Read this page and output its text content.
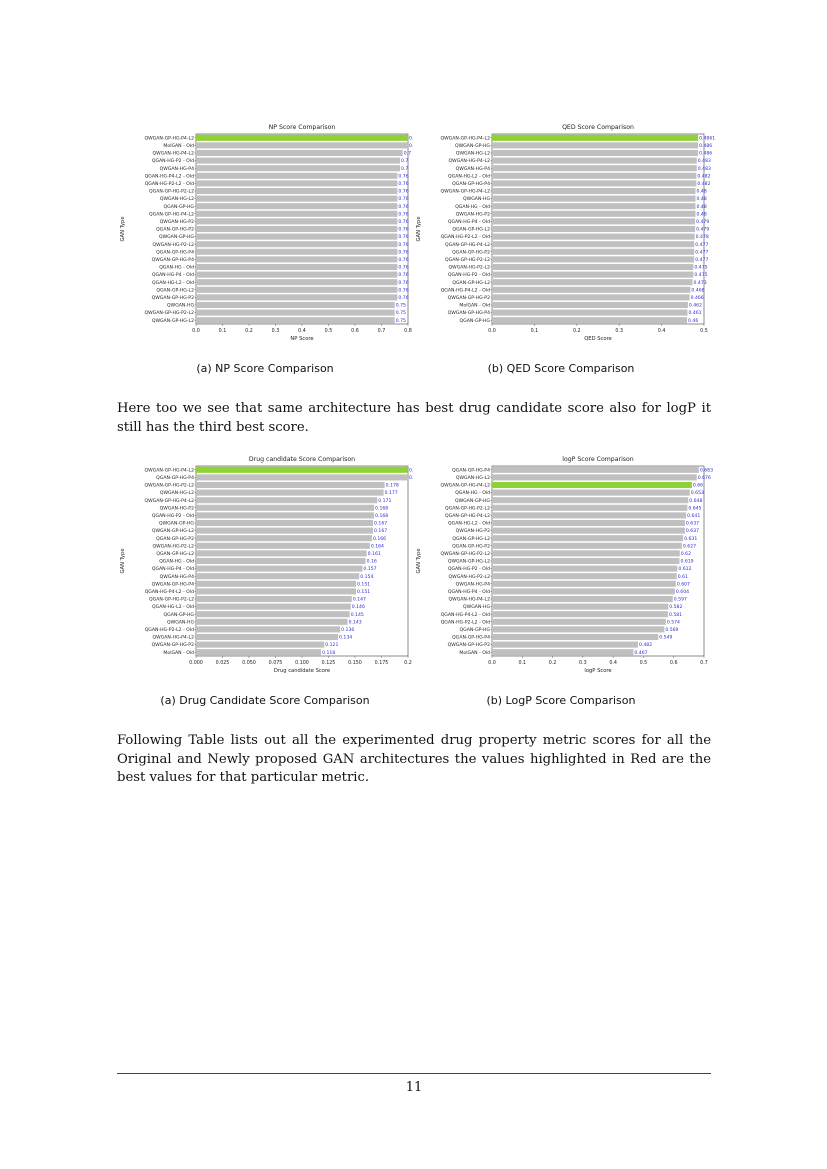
NP Score Comparison
QWGAN-GP-HG-P4-L2	0.
MolGAN - Old	0.
QWGAN-HG-P4-L2	0.7
QGAN-HG-P2 - Old	0.7
QWGAN-HG-P4	0.7
QGAN-HG-P4-L2 - Old	0.76
QGAN-HG-P2-L2 - Old	0.76
QGAN-GP-HG-P2-L2	0.76
QWGAN-HG-L2	0.76
QGAN-GP-HG	0.76
QGAN-GP-HG-P4-L2	0.76
QWGAN-HG-P2	0.76
QGAN-GP-HG-P2	0.76
QWGAN-GP-HG	0.76
QWGAN-HG-P2-L2	0.76
QGAN-GP-HG-P4	0.76
QWGAN-GP-HG-P4	0.76
QGAN-HG - Old	0.76
QGAN-HG-P4 - Old	0.76
QGAN-HG-L2 - Old	0.76
QGAN-GP-HG-L2	0.76
QWGAN-GP-HG-P2	0.76
QWGAN-HG	0.75
QWGAN-GP-HG-P2-L2	0.75
QWGAN-GP-HG-L2	0.75
0.0	0.1	0.2	0.3	0.4	0.5	0.6	0.7	0.8
NP Score
GAN Type
QED Score Comparison
QWGAN-GP-HG-P4-L2	0.4861
QWGAN-GP-HG	0.486
QWGAN-HG-L2	0.486
QWGAN-HG-P4-L2	0.483
QWGAN-HG-P4	0.483
QGAN-HG-L2 - Old	0.482
QGAN-GP-HG-P4	0.482
QWGAN-GP-HG-P4-L2	0.48
QWGAN-HG	0.48
QGAN-HG - Old	0.48
QWGAN-HG-P2	0.48
QGAN-HG-P4 - Old	0.479
QGAN-GP-HG-L2	0.479
QGAN-HG-P2-L2 - Old	0.478
QGAN-GP-HG-P4-L2	0.477
QGAN-GP-HG-P2	0.477
QGAN-GP-HG-P2-L2	0.477
QWGAN-HG-P2-L2	0.475
QGAN-HG-P2 - Old	0.475
QGAN-GP-HG-L2	0.473
QGAN-HG-P4-L2 - Old	0.468
QWGAN-GP-HG-P2	0.466
MolGAN - Old	0.462
QWGAN-GP-HG-P4	0.461
QGAN-GP-HG	0.46
0.0	0.1	0.2	0.3	0.4	0.5
QED Score
GAN Type
(a) NP Score Comparison	(b) QED Score Comparison

Here too we see that same architecture has best drug candidate score also for logP it still has the third best score.

Drug candidate Score Comparison
QWGAN-GP-HG-P4-L2	0.
QGAN-GP-HG-P4	0.
QWGAN-GP-HG-P2-L2	0.178
QWGAN-HG-L2	0.177
QWGAN-GP-HG-P4-L2	0.171
QWGAN-HG-P2	0.168
QGAN-HG-P2 - Old	0.168
QWGAN-GP-HG	0.167
QWGAN-GP-HG-L2	0.167
QGAN-GP-HG-P2	0.166
QWGAN-HG-P2-L2	0.164
QGAN-GP-HG-L2	0.161
QGAN-HG - Old	0.16
QGAN-HG-P4 - Old	0.157
QWGAN-HG-P4	0.154
QWGAN-GP-HG-P4	0.151
QGAN-HG-P4-L2 - Old	0.151
QGAN-GP-HG-P2-L2	0.147
QGAN-HG-L2 - Old	0.146
QGAN-GP-HG	0.145
QWGAN-HG	0.143
QGAN-HG-P2-L2 - Old	0.136
QWGAN-HG-P4-L2	0.134
QWGAN-GP-HG-P2	0.121
MolGAN - Old	0.118
0.000	0.025	0.050	0.075	0.100	0.125	0.150	0.175	0.2
Drug candidate Score
GAN Type
logP Score Comparison
QGAN-GP-HG-P4	0.683
QWGAN-HG-L2	0.676
QWGAN-GP-HG-P4-L2	0.66
QGAN-HG - Old	0.653
QWGAN-GP-HG	0.648
QGAN-GP-HG-P2-L2	0.645
QGAN-GP-HG-P4-L2	0.641
QGAN-HG-L2 - Old	0.637
QWGAN-HG-P2	0.637
QGAN-GP-HG-L2	0.631
QGAN-GP-HG-P2	0.627
QWGAN-GP-HG-P2-L2	0.62
QWGAN-GP-HG-L2	0.619
QGAN-HG-P2 - Old	0.612
QWGAN-HG-P2-L2	0.61
QWGAN-HG-P4	0.607
QGAN-HG-P4 - Old	0.604
QWGAN-HG-P4-L2	0.597
QWGAN-HG	0.582
QGAN-HG-P4-L2 - Old	0.581
QGAN-HG-P2-L2 - Old	0.574
QGAN-GP-HG	0.569
QGAN-GP-HG-P4	0.549
QWGAN-GP-HG-P2	0.482
MolGAN - Old	0.467
0.0	0.1	0.2	0.3	0.4	0.5	0.6	0.7
logP Score
GAN Type
(a) Drug Candidate Score Comparison	(b) LogP Score Comparison

Following Table lists out all the experimented drug property metric scores for all the Original and Newly proposed GAN architectures the values highlighted in Red are the best values for that particular metric.

11
